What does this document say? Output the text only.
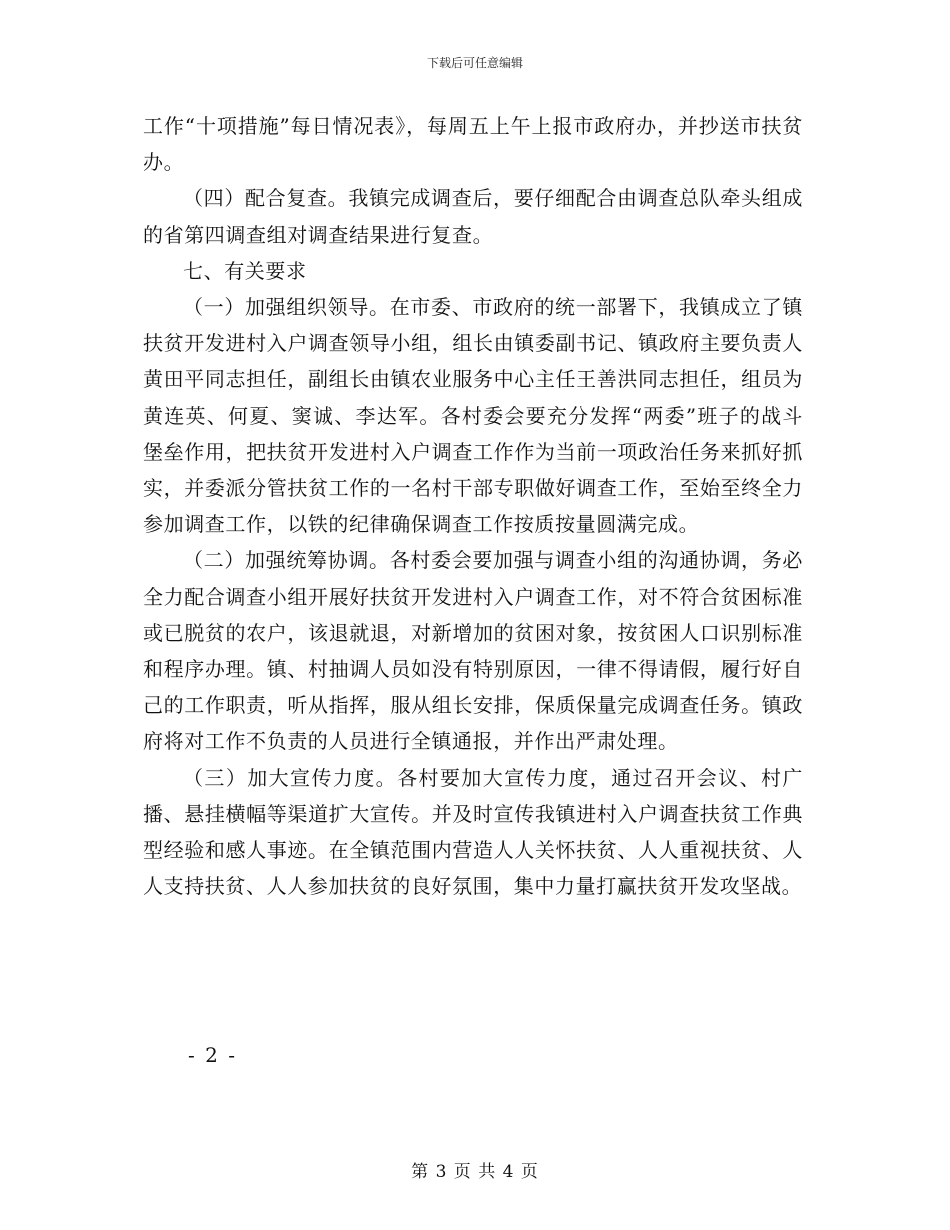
下载后可任意编辑

工作“十项措施”每日情况表》，每周五上午上报市政府办，并抄送市扶贫办。

（四）配合复查。我镇完成调查后，要仔细配合由调查总队牵头组成的省第四调查组对调查结果进行复查。

七、有关要求

（一）加强组织领导。在市委、市政府的统一部署下，我镇成立了镇扶贫开发进村入户调查领导小组，组长由镇委副书记、镇政府主要负责人黄田平同志担任，副组长由镇农业服务中心主任王善洪同志担任，组员为黄连英、何夏、窦诚、李达军。各村委会要充分发挥“两委”班子的战斗堡垒作用，把扶贫开发进村入户调查工作作为当前一项政治任务来抓好抓实，并委派分管扶贫工作的一名村干部专职做好调查工作，至始至终全力参加调查工作，以铁的纪律确保调查工作按质按量圆满完成。

（二）加强统筹协调。各村委会要加强与调查小组的沟通协调，务必全力配合调查小组开展好扶贫开发进村入户调查工作，对不符合贫困标准或已脱贫的农户，该退就退，对新增加的贫困对象，按贫困人口识别标准和程序办理。镇、村抽调人员如没有特别原因，一律不得请假，履行好自己的工作职责，听从指挥，服从组长安排，保质保量完成调查任务。镇政府将对工作不负责的人员进行全镇通报，并作出严肃处理。

（三）加大宣传力度。各村要加大宣传力度，通过召开会议、村广播、悬挂横幅等渠道扩大宣传。并及时宣传我镇进村入户调查扶贫工作典型经验和感人事迹。在全镇范围内营造人人关怀扶贫、人人重视扶贫、人人支持扶贫、人人参加扶贫的良好氛围，集中力量打赢扶贫开发攻坚战。

- 2 -
第 3 页 共 4 页
